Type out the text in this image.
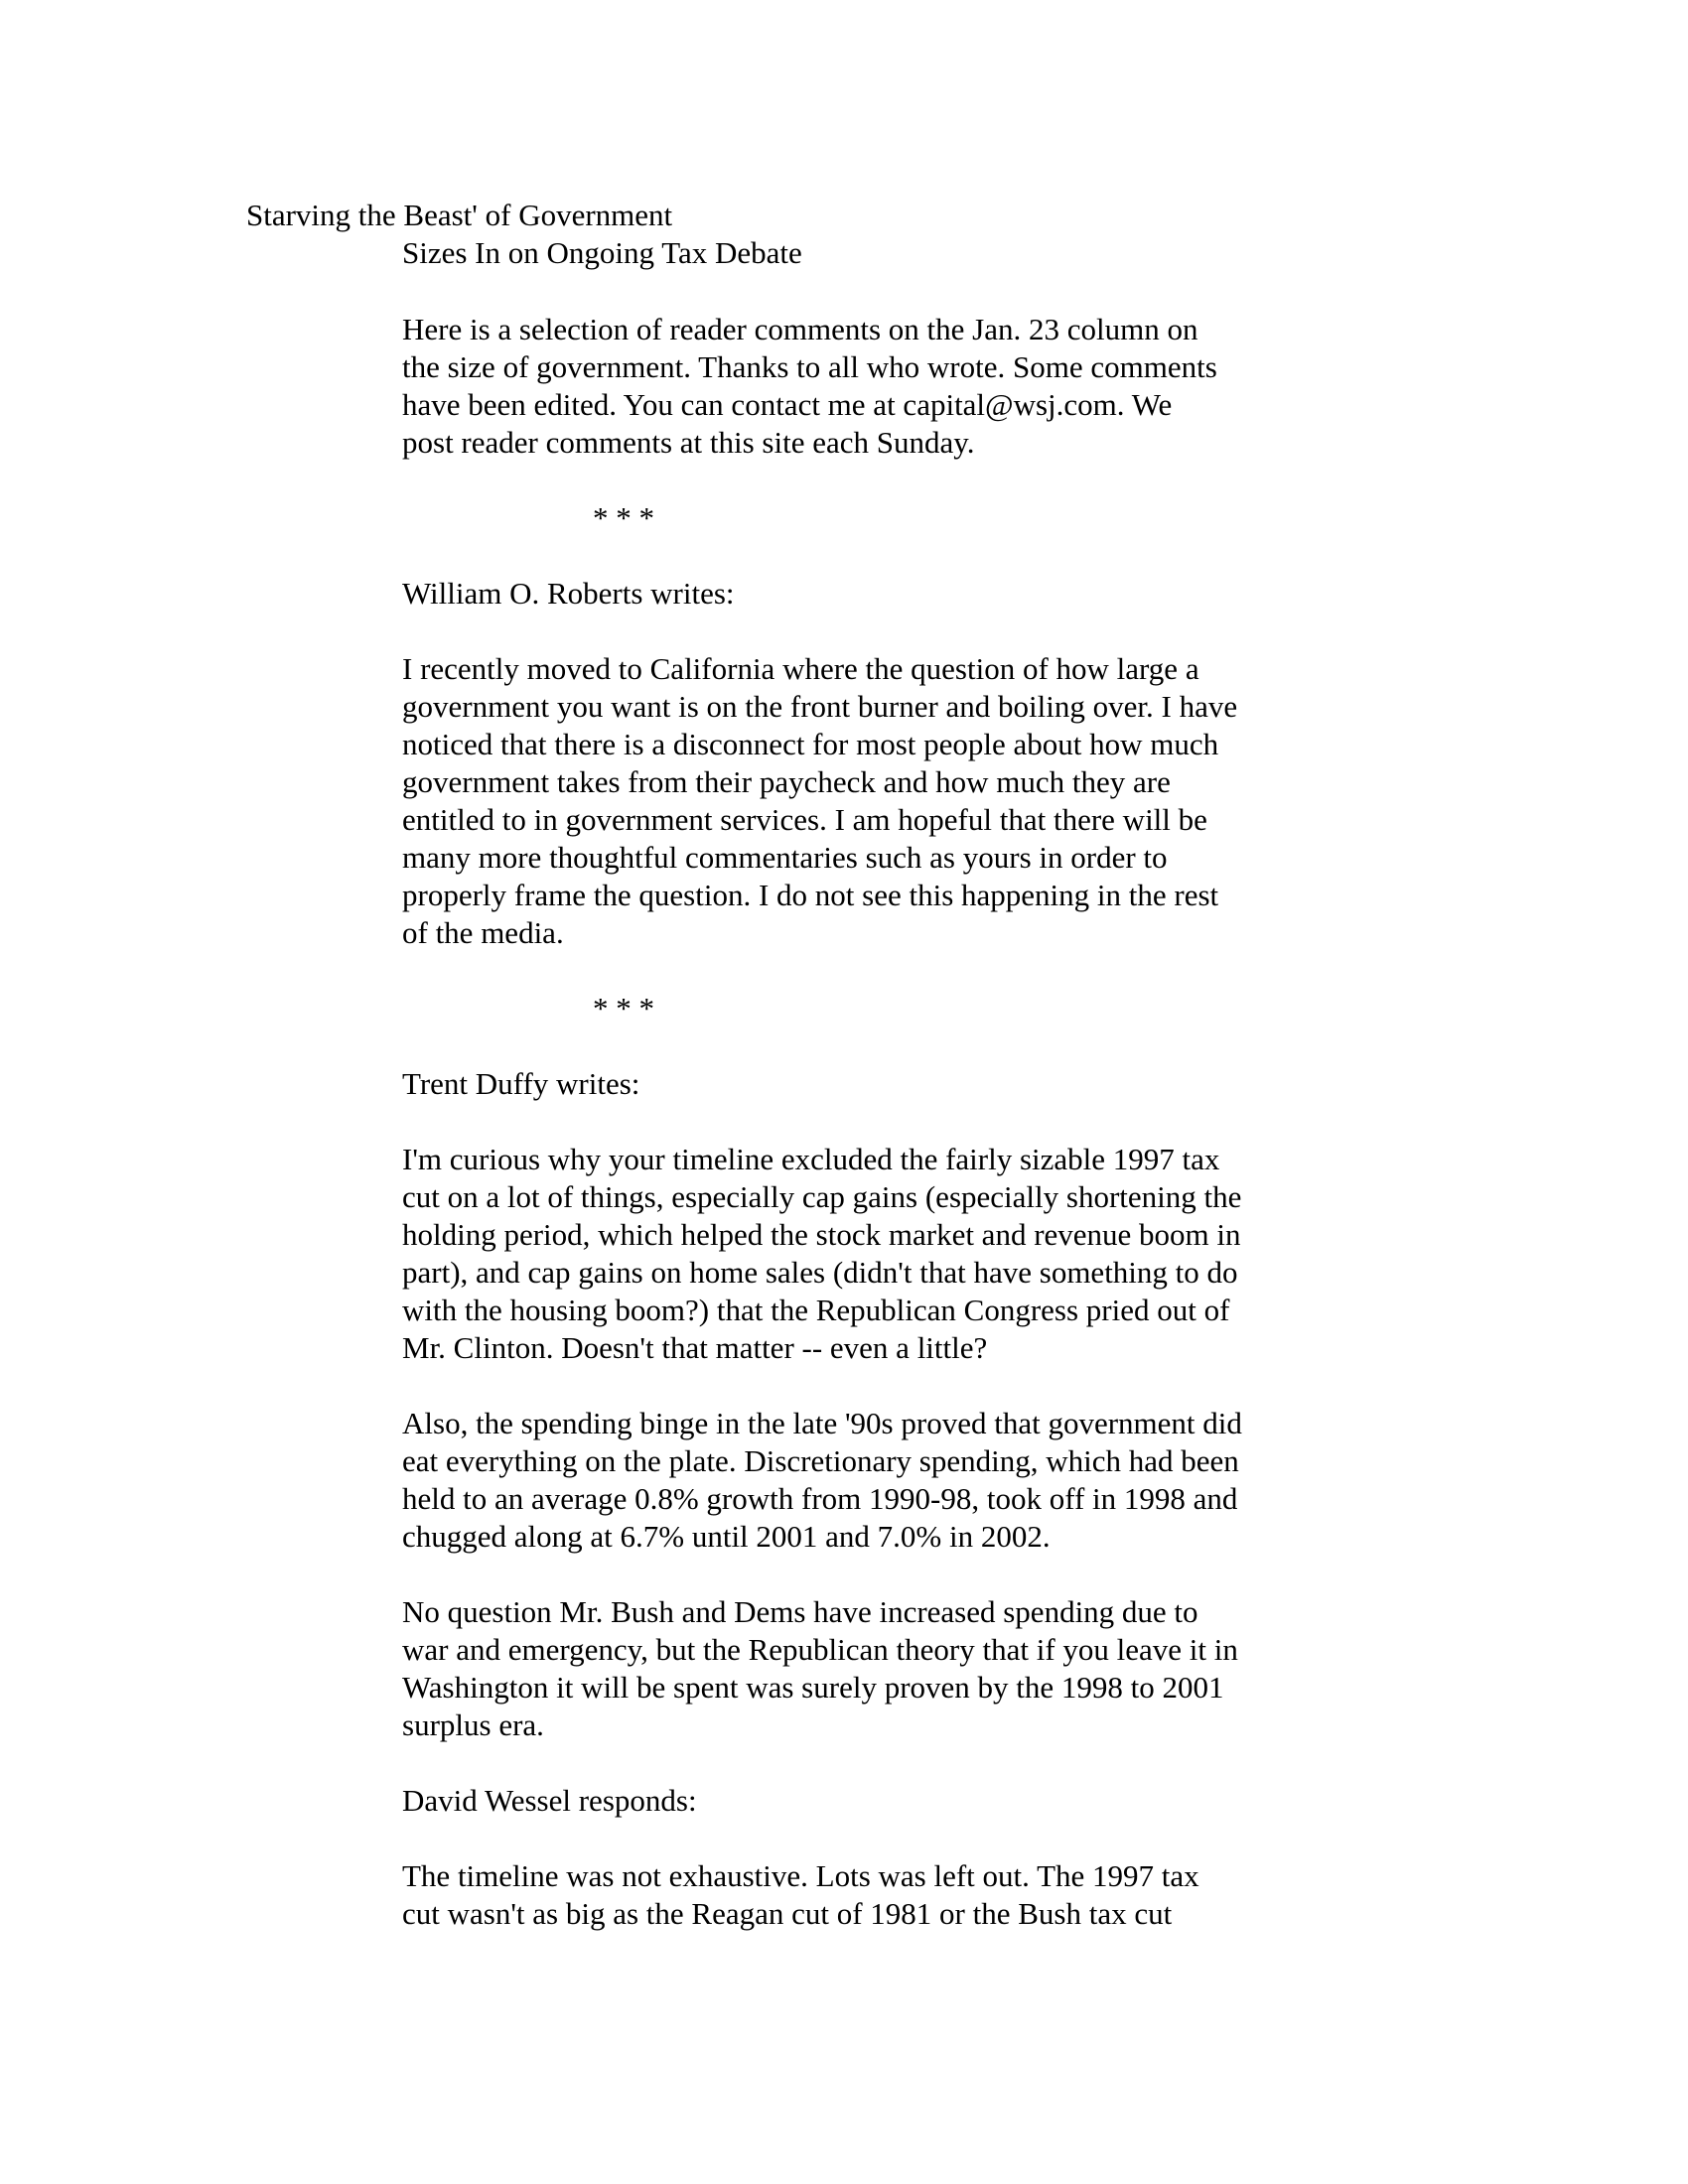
Starving the Beast' of Government
Sizes In on Ongoing Tax Debate
Here is a selection of reader comments on the Jan. 23 column on
the size of government. Thanks to all who wrote. Some comments
have been edited. You can contact me at capital@wsj.com. We
post reader comments at this site each Sunday.
* * *
William O. Roberts writes:
I recently moved to California where the question of how large a
government you want is on the front burner and boiling over. I have
noticed that there is a disconnect for most people about how much
government takes from their paycheck and how much they are
entitled to in government services. I am hopeful that there will be
many more thoughtful commentaries such as yours in order to
properly frame the question. I do not see this happening in the rest
of the media.
* * *
Trent Duffy writes:
I'm curious why your timeline excluded the fairly sizable 1997 tax
cut on a lot of things, especially cap gains (especially shortening the
holding period, which helped the stock market and revenue boom in
part), and cap gains on home sales (didn't that have something to do
with the housing boom?) that the Republican Congress pried out of
Mr. Clinton. Doesn't that matter -- even a little?
Also, the spending binge in the late '90s proved that government did
eat everything on the plate. Discretionary spending, which had been
held to an average 0.8% growth from 1990-98, took off in 1998 and
chugged along at 6.7% until 2001 and 7.0% in 2002.
No question Mr. Bush and Dems have increased spending due to
war and emergency, but the Republican theory that if you leave it in
Washington it will be spent was surely proven by the 1998 to 2001
surplus era.
David Wessel responds:
The timeline was not exhaustive. Lots was left out. The 1997 tax
cut wasn't as big as the Reagan cut of 1981 or the Bush tax cut
